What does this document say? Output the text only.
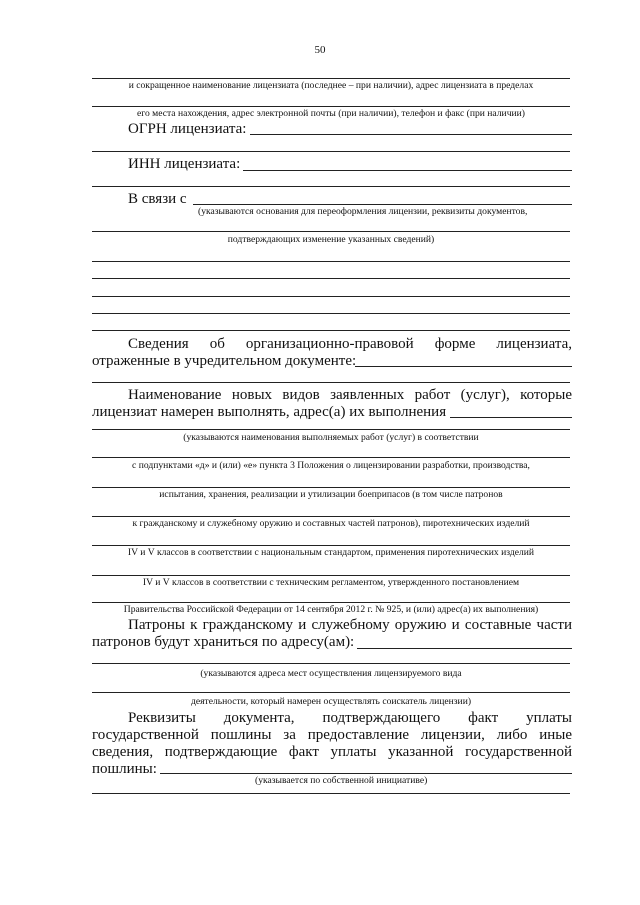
50
и сокращенное наименование лицензиата (последнее – при наличии), адрес лицензиата в пределах
его места нахождения, адрес электронной почты (при наличии), телефон и факс (при наличии)
ОГРН лицензиата:
ИНН лицензиата:
В связи с
(указываются основания для переоформления лицензии, реквизиты документов,
подтверждающих изменение указанных сведений)
Сведения об организационно-правовой форме лицензиата,
отраженные в учредительном документе:
Наименование новых видов заявленных работ (услуг), которые
лицензиат намерен выполнять, адрес(а) их выполнения
(указываются наименования выполняемых работ (услуг) в соответствии
с подпунктами «д» и (или) «е» пункта 3 Положения о лицензировании разработки, производства,
испытания, хранения, реализации и утилизации боеприпасов (в том числе патронов
к гражданскому и служебному оружию и составных частей патронов), пиротехнических изделий
IV и V классов в соответствии с национальным стандартом, применения пиротехнических изделий
IV и V классов в соответствии с техническим регламентом, утвержденного постановлением
Правительства Российской Федерации от 14 сентября 2012 г. № 925, и (или) адрес(а) их выполнения)
Патроны к гражданскому и служебному оружию и составные части
патронов будут храниться по адресу(ам):
(указываются адреса мест осуществления лицензируемого вида
деятельности, который намерен осуществлять соискатель лицензии)
Реквизиты документа, подтверждающего факт уплаты
государственной пошлины за предоставление лицензии, либо иные
сведения, подтверждающие факт уплаты указанной государственной
пошлины:
(указывается по собственной инициативе)
